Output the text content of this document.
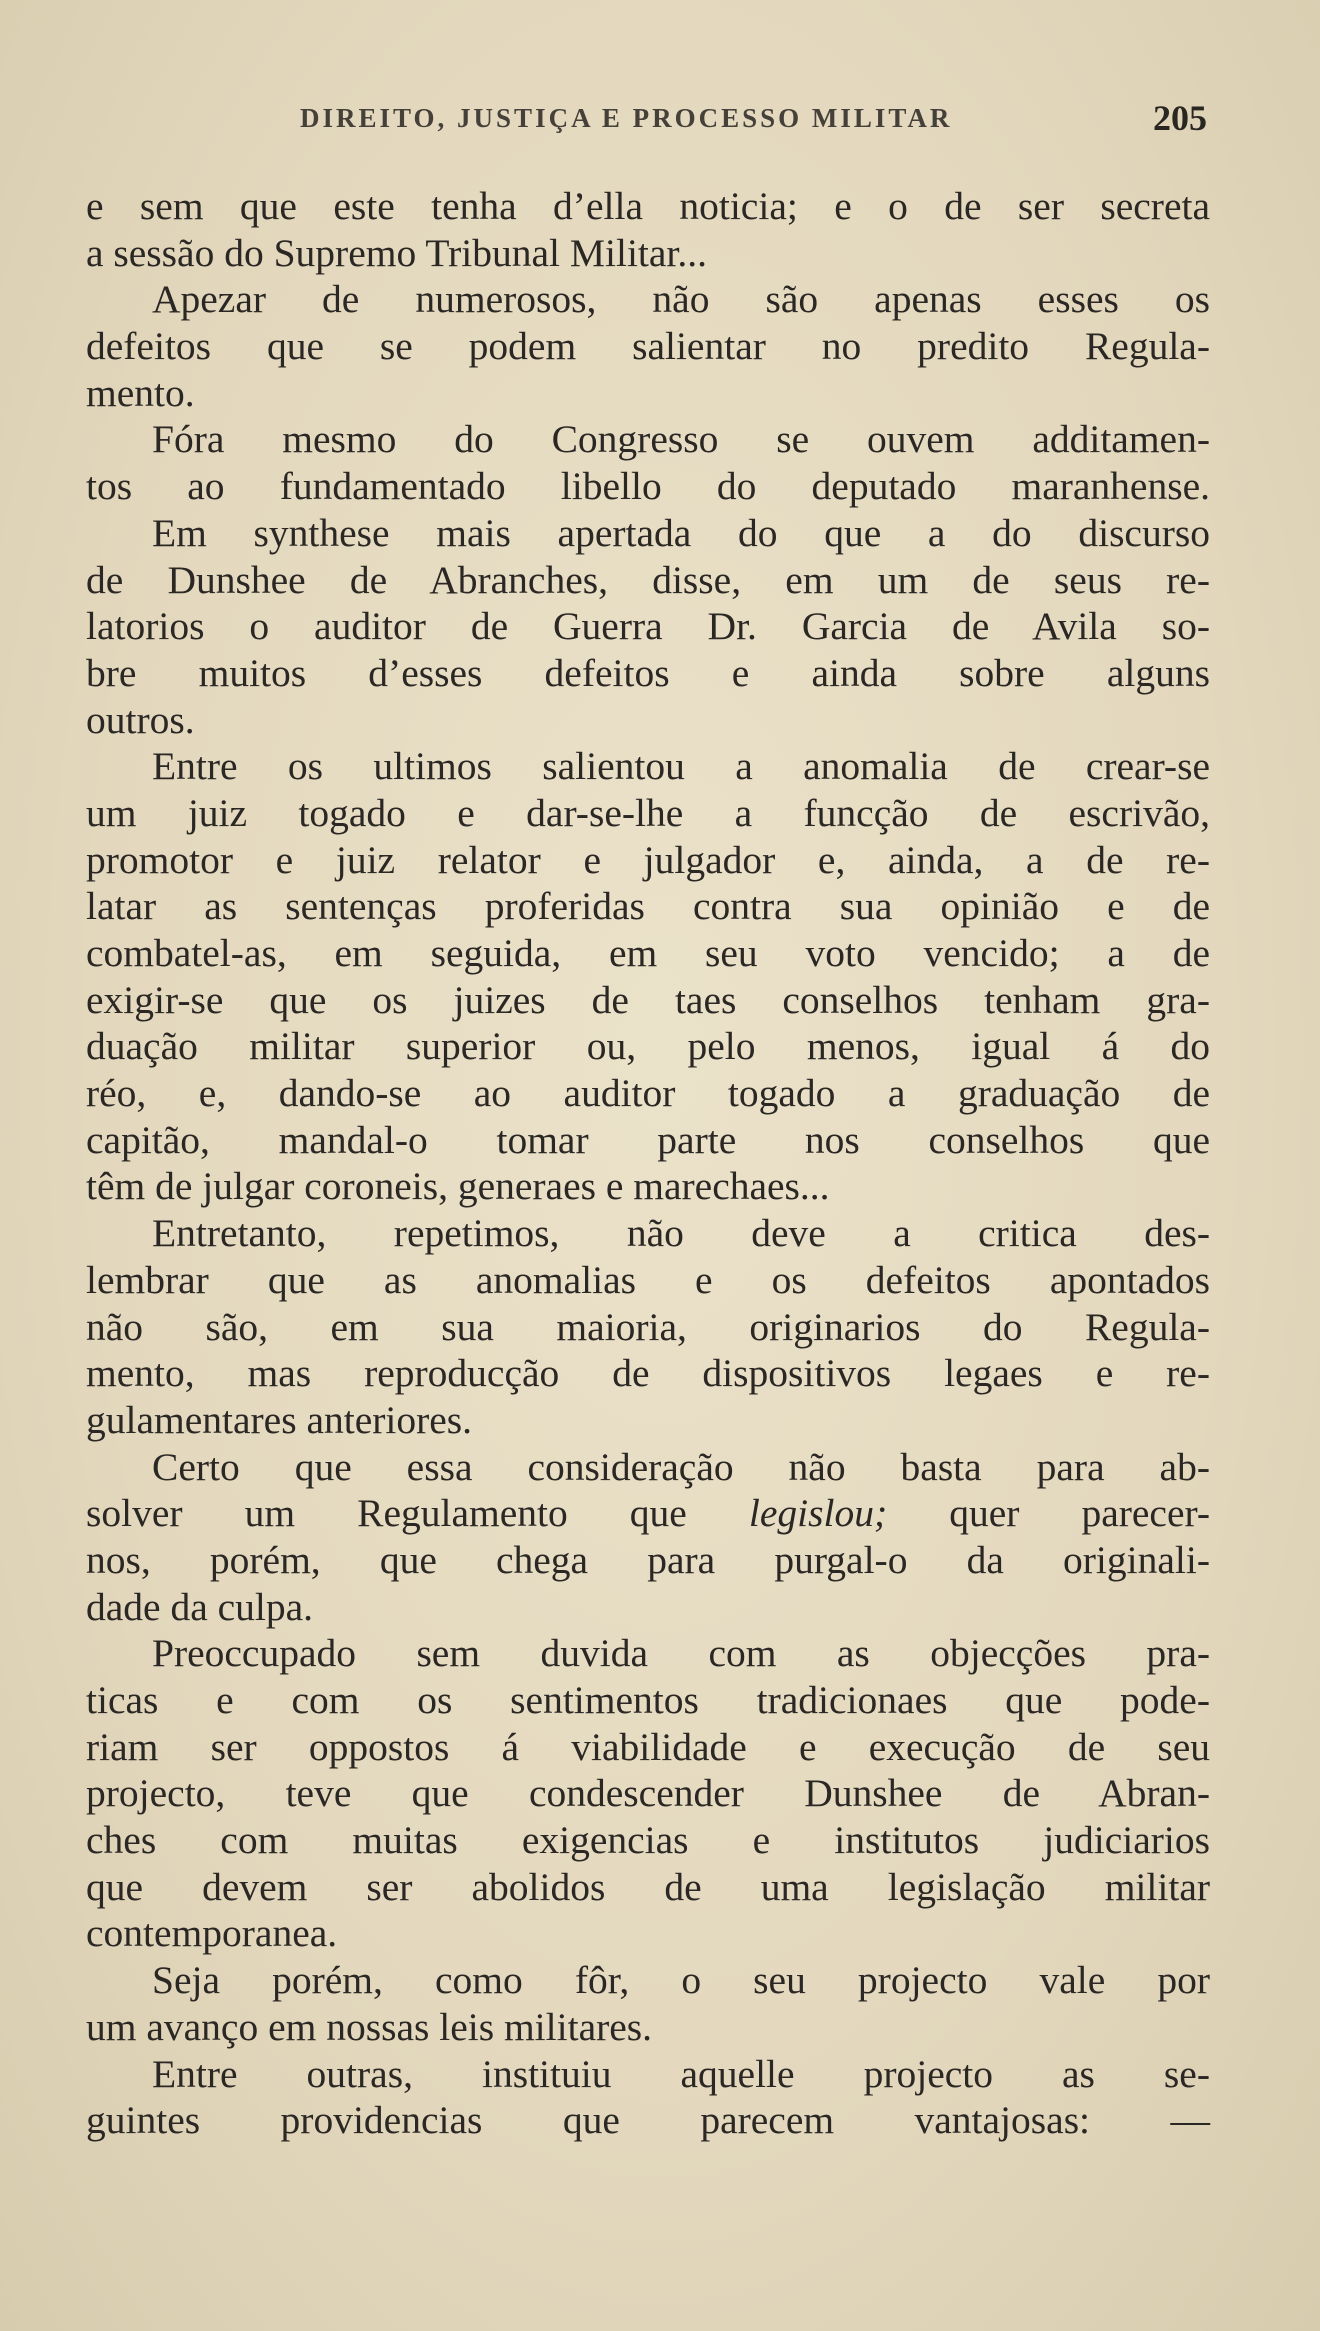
DIREITO, JUSTIÇA E PROCESSO MILITAR	205
e sem que este tenha d’ella noticia; e o de ser secreta
a sessão do Supremo Tribunal Militar...
Apezar de numerosos, não são apenas esses os
defeitos que se podem salientar no predito Regula-
mento.
Fóra mesmo do Congresso se ouvem additamen-
tos ao fundamentado libello do deputado maranhense.
Em synthese mais apertada do que a do discurso
de Dunshee de Abranches, disse, em um de seus re-
latorios o auditor de Guerra Dr. Garcia de Avila so-
bre muitos d’esses defeitos e ainda sobre alguns
outros.
Entre os ultimos salientou a anomalia de crear-se
um juiz togado e dar-se-lhe a funcção de escrivão,
promotor e juiz relator e julgador e, ainda, a de re-
latar as sentenças proferidas contra sua opinião e de
combatel-as, em seguida, em seu voto vencido; a de
exigir-se que os juizes de taes conselhos tenham gra-
duação militar superior ou, pelo menos, igual á do
réo, e, dando-se ao auditor togado a graduação de
capitão, mandal-o tomar parte nos conselhos que
têm de julgar coroneis, generaes e marechaes...
Entretanto, repetimos, não deve a critica des-
lembrar que as anomalias e os defeitos apontados
não são, em sua maioria, originarios do Regula-
mento, mas reproducção de dispositivos legaes e re-
gulamentares anteriores.
Certo que essa consideração não basta para ab-
solver um Regulamento que legislou; quer parecer-
nos, porém, que chega para purgal-o da originali-
dade da culpa.
Preoccupado sem duvida com as objecções pra-
ticas e com os sentimentos tradicionaes que pode-
riam ser oppostos á viabilidade e execução de seu
projecto, teve que condescender Dunshee de Abran-
ches com muitas exigencias e institutos judiciarios
que devem ser abolidos de uma legislação militar
contemporanea.
Seja porém, como fôr, o seu projecto vale por
um avanço em nossas leis militares.
Entre outras, instituiu aquelle projecto as se-
guintes providencias que parecem vantajosas: —
